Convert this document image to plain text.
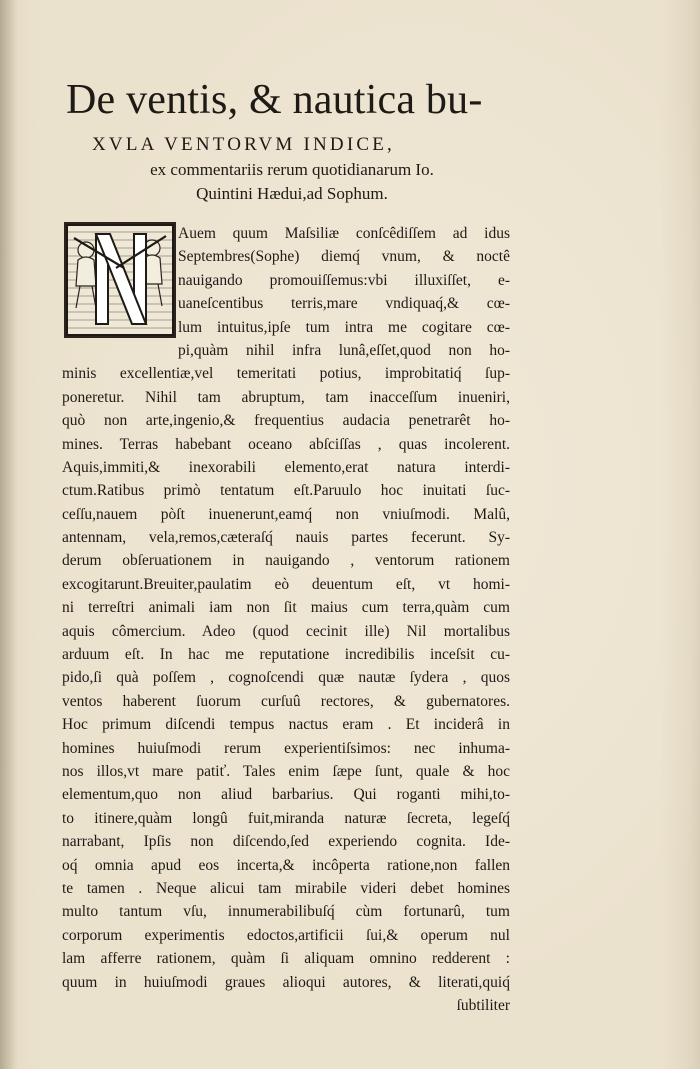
De ventis, & nautica bu-
XVLA VENTORVM INDICE,
ex commentariis rerum quotidianarum Io.
Quintini Hædui,ad Sophum.
Auem quum Maſsiliæ conſcêdiſſem ad idus
Septembres(Sophe) diemq́ vnum, & noctê
nauigando promouiſſemus:vbi illuxiſſet, e-
uaneſcentibus terris,mare vndiquaq́,& cœ-
lum intuitus,ipſe tum intra me cogitare cœ-
pi,quàm nihil infra lunâ,eſſet,quod non ho-
minis excellentiæ,vel temeritati potius, improbitatiq́ ſup-
poneretur. Nihil tam abruptum, tam inacceſſum inueniri,
quò non arte,ingenio,& frequentius audacia penetrarêt ho-
mines. Terras habebant oceano abſciſſas , quas incolerent.
Aquis,immiti,& inexorabili elemento,erat natura interdi-
ctum.Ratibus primò tentatum eſt.Paruulo hoc inuitati ſuc-
ceſſu,nauem pòſt inuenerunt,eamq́ non vniuſmodi. Malû,
antennam, vela,remos,cæteraſq́ nauis partes fecerunt. Sy-
derum obſeruationem in nauigando , ventorum rationem
excogitarunt.Breuiter,paulatim eò deuentum eſt, vt homi-
ni terreſtri animali iam non ſit maius cum terra,quàm cum
aquis cômercium. Adeo (quod cecinit ille) Nil mortalibus
arduum eſt. In hac me reputatione incredibilis inceſsit cu-
pido,ſi quà poſſem , cognoſcendi quæ nautæ ſydera , quos
ventos haberent ſuorum curſuû rectores, & gubernatores.
Hoc primum diſcendi tempus nactus eram . Et inciderâ in
homines huiuſmodi rerum experientiſsimos: nec inhuma-
nos illos,vt mare patiť. Tales enim ſæpe ſunt, quale & hoc
elementum,quo non aliud barbarius. Qui roganti mihi,to-
to itinere,quàm longû fuit,miranda naturæ ſecreta, legeſq́
narrabant, Ipſis non diſcendo,ſed experiendo cognita. Ide-
oq́ omnia apud eos incerta,& incôperta ratione,non fallen
te tamen . Neque alicui tam mirabile videri debet homines
multo tantum vſu, innumerabilibuſq́ cùm fortunarû, tum
corporum experimentis edoctos,artificii ſui,& operum nul
lam afferre rationem, quàm ſi aliquam omnino redderent :
quum in huiuſmodi graues alioqui autores, & literati,quiq́
ſubtiliter
